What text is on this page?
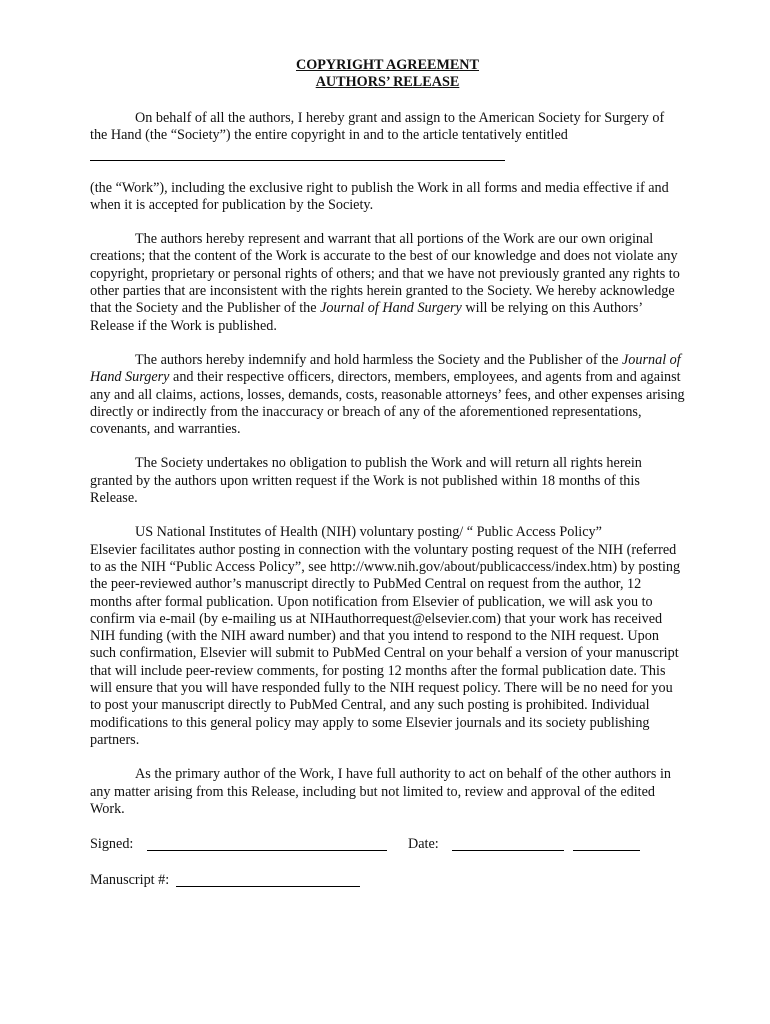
COPYRIGHT AGREEMENT
AUTHORS’ RELEASE

On behalf of all the authors, I hereby grant and assign to the American Society for Surgery of the Hand (the “Society”) the entire copyright in and to the article tentatively entitled

(the “Work”), including the exclusive right to publish the Work in all forms and media effective if and when it is accepted for publication by the Society.

The authors hereby represent and warrant that all portions of the Work are our own original creations; that the content of the Work is accurate to the best of our knowledge and does not violate any copyright, proprietary or personal rights of others; and that we have not previously granted any rights to other parties that are inconsistent with the rights herein granted to the Society. We hereby acknowledge that the Society and the Publisher of the Journal of Hand Surgery will be relying on this Authors’ Release if the Work is published.

The authors hereby indemnify and hold harmless the Society and the Publisher of the Journal of Hand Surgery and their respective officers, directors, members, employees, and agents from and against any and all claims, actions, losses, demands, costs, reasonable attorneys’ fees, and other expenses arising directly or indirectly from the inaccuracy or breach of any of the aforementioned representations, covenants, and warranties.

The Society undertakes no obligation to publish the Work and will return all rights herein granted by the authors upon written request if the Work is not published within 18 months of this Release.

US National Institutes of Health (NIH) voluntary posting/ “ Public Access Policy”

Elsevier facilitates author posting in connection with the voluntary posting request of the NIH (referred to as the NIH “Public Access Policy”, see http://www.nih.gov/about/publicaccess/index.htm) by posting the peer-reviewed author’s manuscript directly to PubMed Central on request from the author, 12 months after formal publication. Upon notification from Elsevier of publication, we will ask you to confirm via e-mail (by e-mailing us at NIHauthorrequest@elsevier.com) that your work has received NIH funding (with the NIH award number) and that you intend to respond to the NIH request. Upon such confirmation, Elsevier will submit to PubMed Central on your behalf a version of your manuscript that will include peer-review comments, for posting 12 months after the formal publication date. This will ensure that you will have responded fully to the NIH request policy. There will be no need for you to post your manuscript directly to PubMed Central, and any such posting is prohibited. Individual modifications to this general policy may apply to some Elsevier journals and its society publishing partners.

As the primary author of the Work, I have full authority to act on behalf of the other authors in any matter arising from this Release, including but not limited to, review and approval of the edited Work.

Signed:	Date:
Manuscript #:
